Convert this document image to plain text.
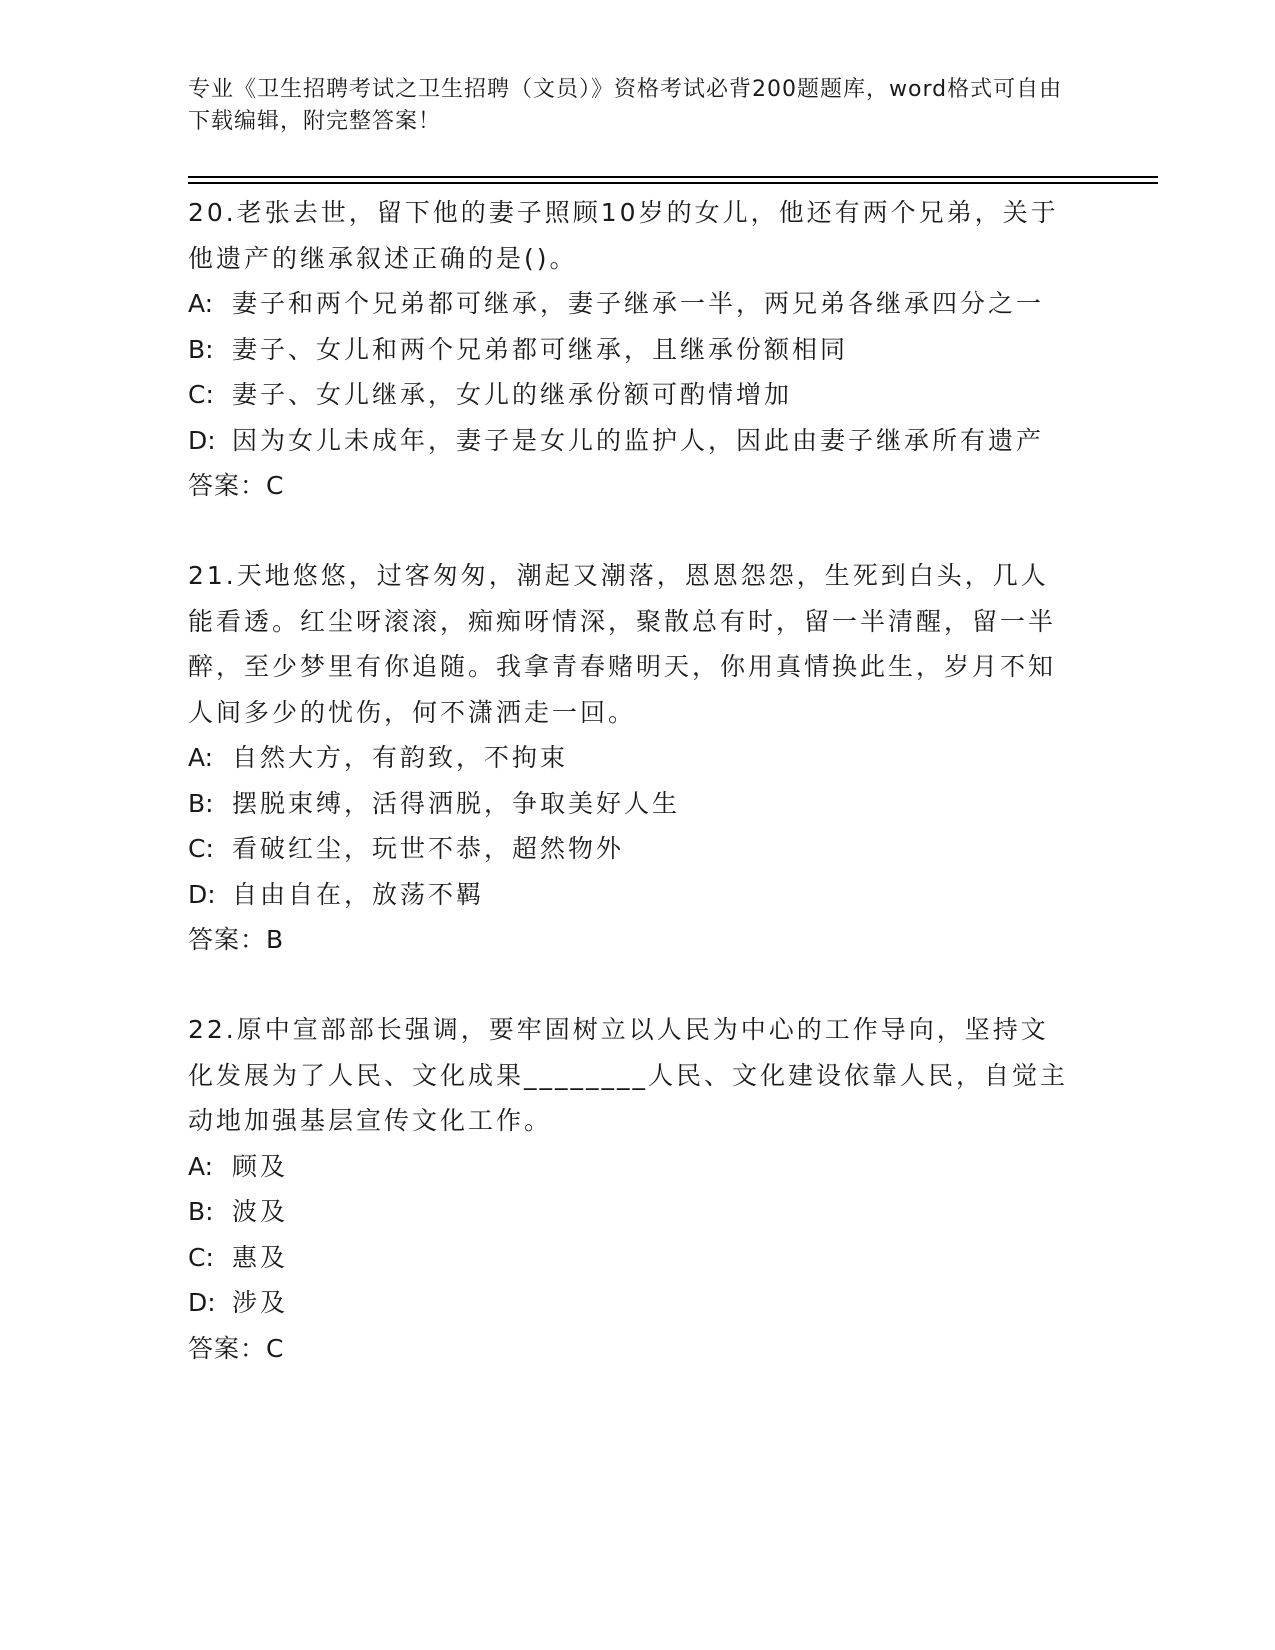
专业《卫生招聘考试之卫生招聘（文员）》资格考试必背200题题库，word格式可自由下载编辑，附完整答案！

20.老张去世，留下他的妻子照顾10岁的女儿，他还有两个兄弟，关于他遗产的继承叙述正确的是()。

A: 妻子和两个兄弟都可继承，妻子继承一半，两兄弟各继承四分之一

B: 妻子、女儿和两个兄弟都可继承，且继承份额相同

C: 妻子、女儿继承，女儿的继承份额可酌情增加

D: 因为女儿未成年，妻子是女儿的监护人，因此由妻子继承所有遗产

答案：C

21.天地悠悠，过客匆匆，潮起又潮落，恩恩怨怨，生死到白头，几人能看透。红尘呀滚滚，痴痴呀情深，聚散总有时，留一半清醒，留一半醉，至少梦里有你追随。我拿青春赌明天，你用真情换此生，岁月不知人间多少的忧伤，何不潇洒走一回。

A: 自然大方，有韵致，不拘束

B: 摆脱束缚，活得洒脱，争取美好人生

C: 看破红尘，玩世不恭，超然物外

D: 自由自在，放荡不羁

答案：B

22.原中宣部部长强调，要牢固树立以人民为中心的工作导向，坚持文化发展为了人民、文化成果________人民、文化建设依靠人民，自觉主动地加强基层宣传文化工作。

A: 顾及

B: 波及

C: 惠及

D: 涉及

答案：C
